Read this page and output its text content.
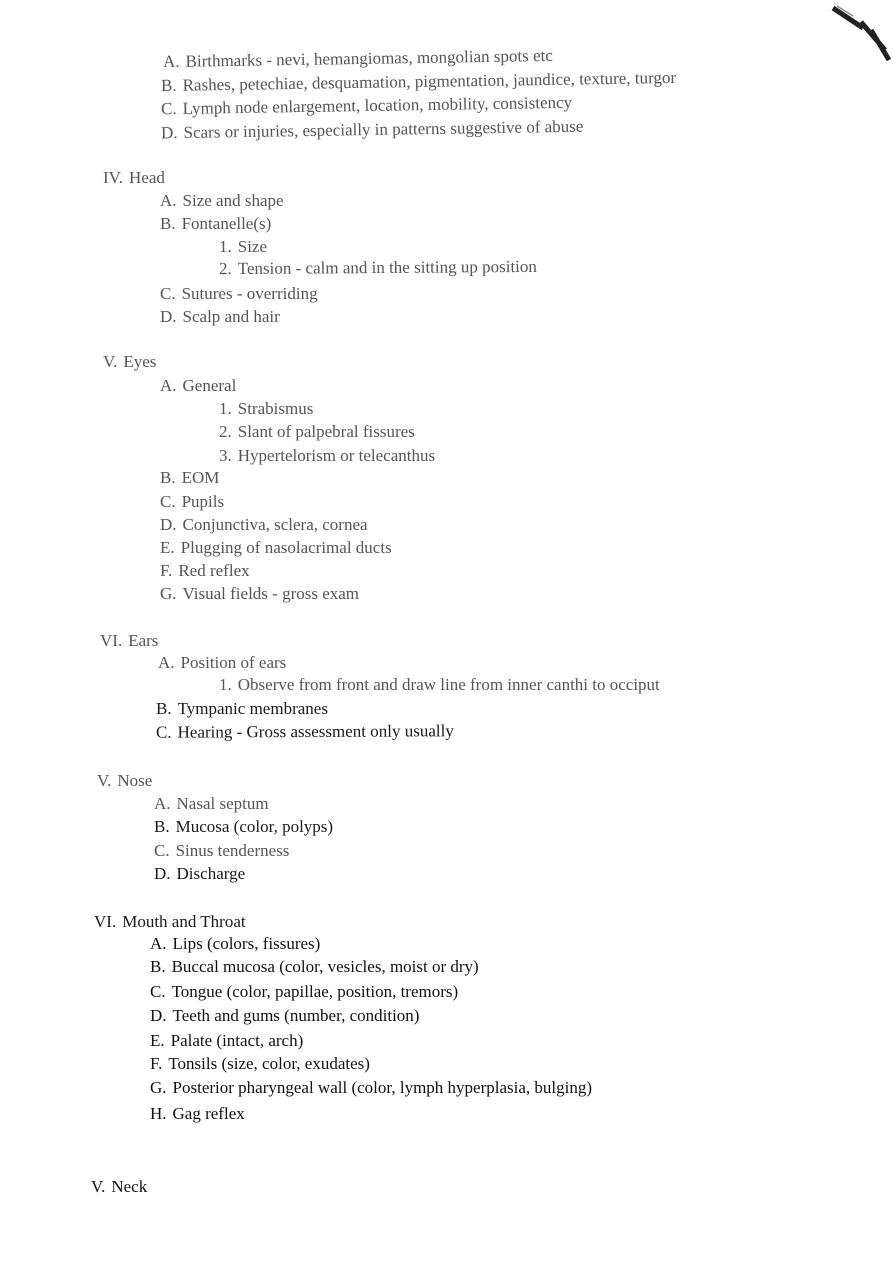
A. Birthmarks - nevi, hemangiomas, mongolian spots etc
B. Rashes, petechiae, desquamation, pigmentation, jaundice, texture, turgor
C. Lymph node enlargement, location, mobility, consistency
D. Scars or injuries, especially in patterns suggestive of abuse
IV. Head
A. Size and shape
B. Fontanelle(s)
1. Size
2. Tension - calm and in the sitting up position
C. Sutures - overriding
D. Scalp and hair
V. Eyes
A. General
1. Strabismus
2. Slant of palpebral fissures
3. Hypertelorism or telecanthus
B. EOM
C. Pupils
D. Conjunctiva, sclera, cornea
E. Plugging of nasolacrimal ducts
F. Red reflex
G. Visual fields - gross exam
VI. Ears
A. Position of ears
1. Observe from front and draw line from inner canthi to occiput
B. Tympanic membranes
C. Hearing - Gross assessment only usually
V. Nose
A. Nasal septum
B. Mucosa (color, polyps)
C. Sinus tenderness
D. Discharge
VI. Mouth and Throat
A. Lips (colors, fissures)
B. Buccal mucosa (color, vesicles, moist or dry)
C. Tongue (color, papillae, position, tremors)
D. Teeth and gums (number, condition)
E. Palate (intact, arch)
F. Tonsils (size, color, exudates)
G. Posterior pharyngeal wall (color, lymph hyperplasia, bulging)
H. Gag reflex
V. Neck
